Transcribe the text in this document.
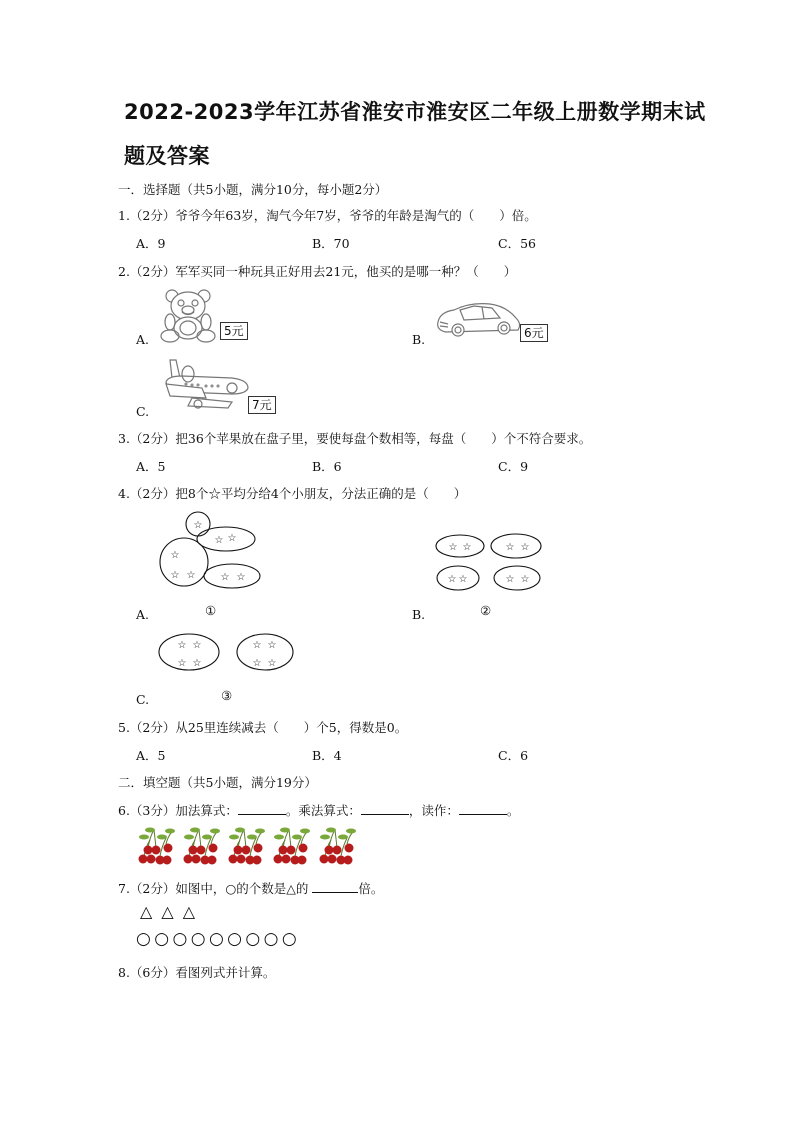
2022-2023学年江苏省淮安市淮安区二年级上册数学期末试
题及答案
一．选择题（共5小题，满分10分，每小题2分）
1.（2分）爷爷今年63岁，淘气今年7岁，爷爷的年龄是淘气的（　　）倍。
A．9	B．70	C．56
2.（2分）军军买同一种玩具正好用去21元，他买的是哪一种？（　　）
A.	B.
C.
5元	6元
7元
3.（2分）把36个苹果放在盘子里，要使每盘个数相等，每盘（　　）个不符合要求。
A．5	B．6	C．9
4.（2分）把8个☆平均分给4个小朋友，分法正确的是（　　）
☆
☆ ☆
☆
☆ ☆	☆ ☆
A.	①
☆ ☆	☆ ☆
☆ ☆	☆ ☆
B.	②
☆ ☆
☆ ☆
☆ ☆
☆ ☆
C.	③
5.（2分）从25里连续减去（　　）个5，得数是0。
A．5	B．4	C．6
二．填空题（共5小题，满分19分）
6.（3分）加法算式：	。乘法算式：	，读作：	。
7.（2分）如图中，○的个数是△的	倍。
△ △ △
○ ○ ○ ○ ○ ○ ○ ○ ○
8.（6分）看图列式并计算。
